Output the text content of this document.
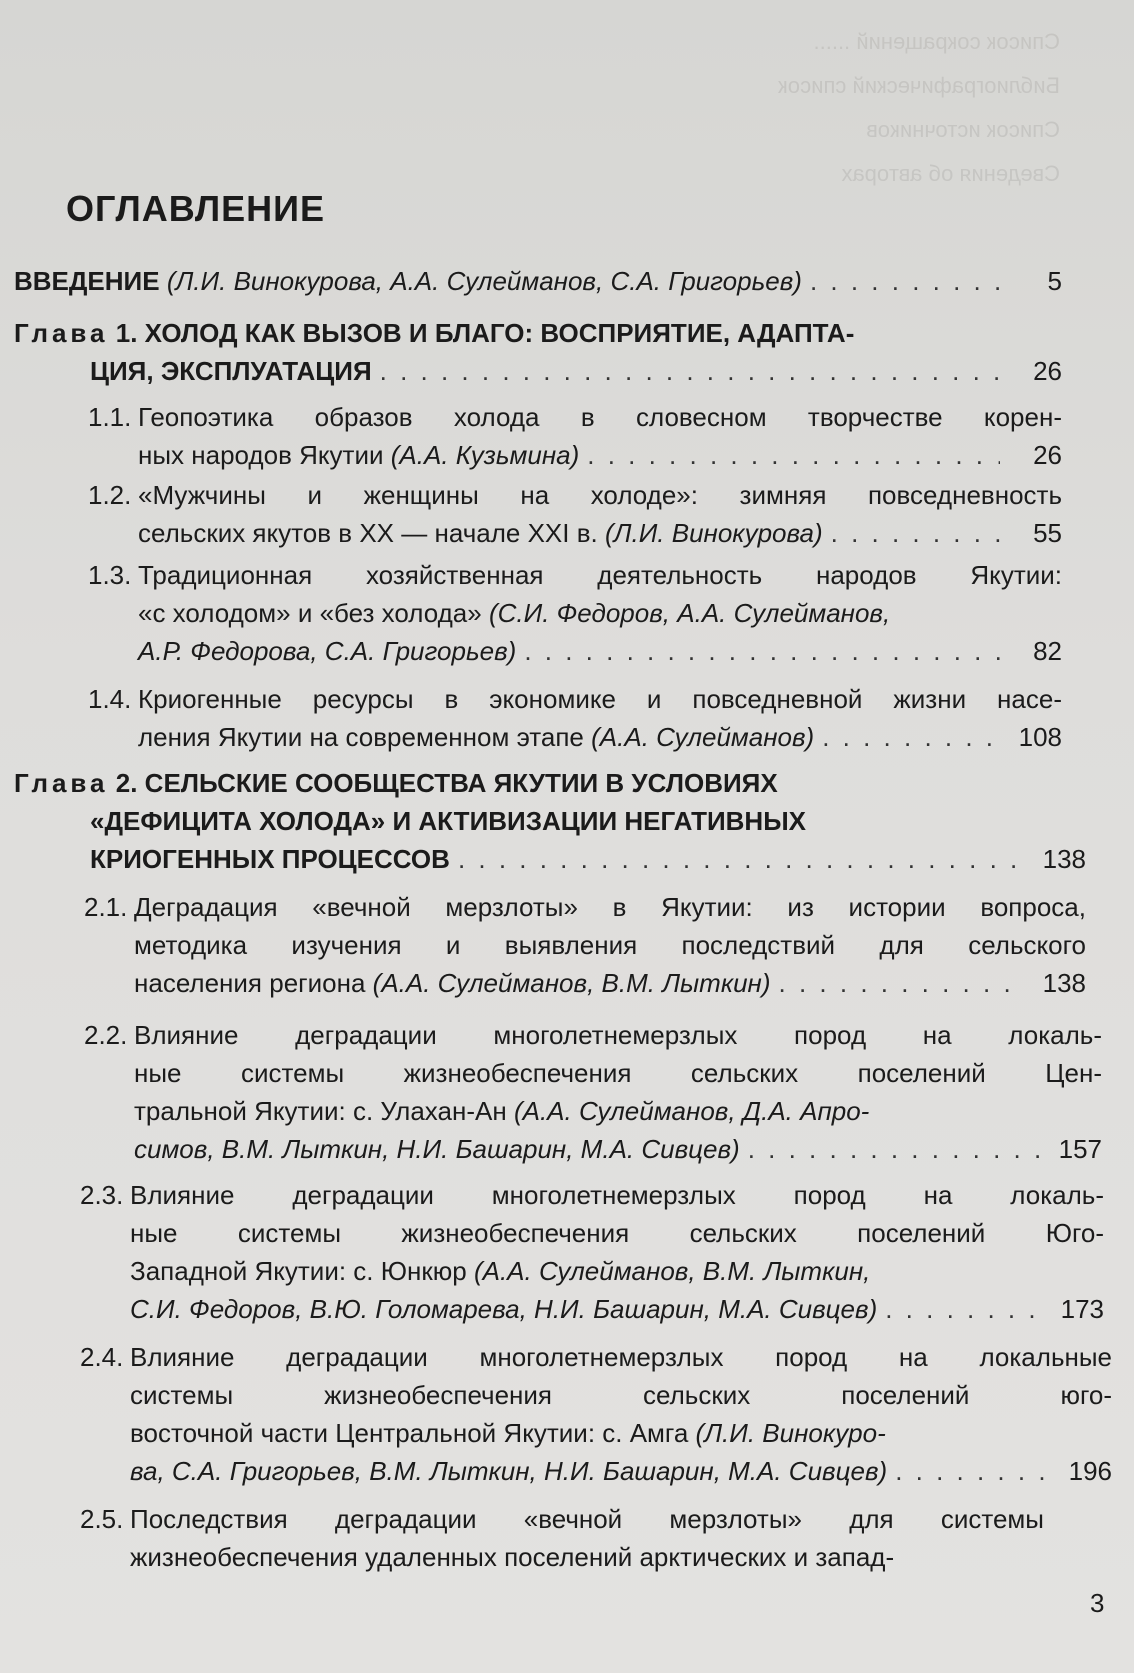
Список сокращений ......
Библиографический список
Список источников
Сведения об авторах
ОГЛАВЛЕНИЕ
ВВЕДЕНИЕ
(Л.И. Винокурова, А.А. Сулейманов, С.А. Григорьев) . . .	5
Глава
1. ХОЛОД КАК ВЫЗОВ И БЛАГО: ВОСПРИЯТИЕ, АДАПТА-
ЦИЯ, ЭКСПЛУАТАЦИЯ . . .	26
1.1. Геопоэтика образов холода в словесном творчестве корен-
ных народов Якутии
(А.А. Кузьмина) . . .	26
1.2. «Мужчины и женщины на холоде»: зимняя повседневность
сельских якутов в XX — начале XXI в.
(Л.И. Винокурова) . . .	55
1.3. Традиционная хозяйственная деятельность народов Якутии:
«с холодом» и «без холода»
(С.И. Федоров, А.А. Сулейманов,
А.Р. Федорова, С.А. Григорьев) . . .	82
1.4. Криогенные ресурсы в экономике и повседневной жизни насе-
ления Якутии на современном этапе
(А.А. Сулейманов) . . .	108
Глава
2. СЕЛЬСКИЕ СООБЩЕСТВА ЯКУТИИ В УСЛОВИЯХ
«ДЕФИЦИТА ХОЛОДА» И АКТИВИЗАЦИИ НЕГАТИВНЫХ
КРИОГЕННЫХ ПРОЦЕССОВ . . .	138
2.1. Деградация «вечной мерзлоты» в Якутии: из истории вопроса,
методика изучения и выявления последствий для сельского
населения региона
(А.А. Сулейманов, В.М. Лыткин) . . .	138
2.2. Влияние деградации многолетнемерзлых пород на локаль-
ные системы жизнеобеспечения сельских поселений Цен-
тральной Якутии: с. Улахан-Ан
(А.А. Сулейманов, Д.А. Апро-
симов, В.М. Лыткин, Н.И. Башарин, М.А. Сивцев) . . .	157
2.3. Влияние деградации многолетнемерзлых пород на локаль-
ные системы жизнеобеспечения сельских поселений Юго-
Западной Якутии: с. Юнкюр
(А.А. Сулейманов, В.М. Лыткин,
С.И. Федоров, В.Ю. Голомарева, Н.И. Башарин, М.А. Сивцев) . . .	173
2.4. Влияние деградации многолетнемерзлых пород на локальные
системы жизнеобеспечения сельских поселений юго-
восточной части Центральной Якутии: с. Амга
(Л.И. Винокуро-
ва, С.А. Григорьев, В.М. Лыткин, Н.И. Башарин, М.А. Сивцев) . . .	196
2.5. Последствия деградации «вечной мерзлоты» для системы
жизнеобеспечения удаленных поселений арктических и запад-
3
